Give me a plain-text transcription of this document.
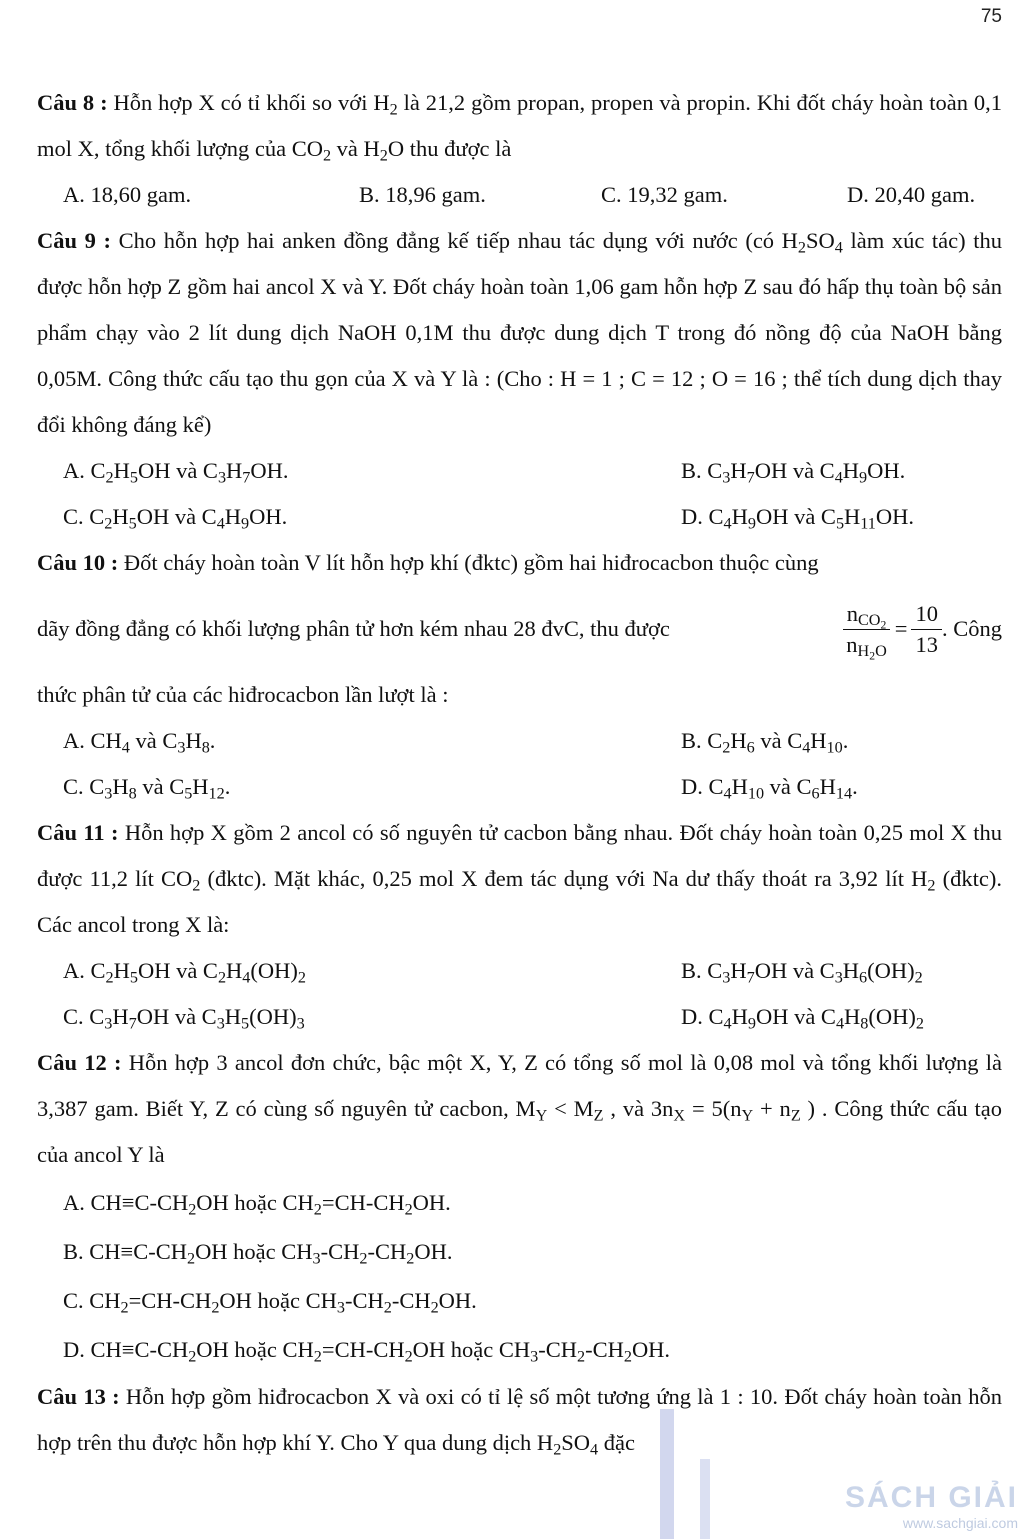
75
Câu 8 : Hỗn hợp X có tỉ khối so với $H_2$ là 21,2 gồm propan, propen và propin. Khi đốt cháy hoàn toàn 0,1 mol X, tổng khối lượng của $CO_2$ và $H_2O$ thu được là
A. 18,60 gam.	B. 18,96 gam.	C. 19,32 gam.	D. 20,40 gam.
Câu 9 : Cho hỗn hợp hai anken đồng đẳng kế tiếp nhau tác dụng với nước (có $H_2SO_4$ làm xúc tác) thu được hỗn hợp Z gồm hai ancol X và Y. Đốt cháy hoàn toàn 1,06 gam hỗn hợp Z sau đó hấp thụ toàn bộ sản phẩm chạy vào 2 lít dung dịch NaOH 0,1M thu được dung dịch T trong đó nồng độ của NaOH bằng 0,05M. Công thức cấu tạo thu gọn của X và Y là : (Cho : H = 1 ; C = 12 ; O = 16 ; thể tích dung dịch thay đổi không đáng kể)
A. $C_2H_5OH$ và $C_3H_7OH$.	B. $C_3H_7OH$ và $C_4H_9OH$.
C. $C_2H_5OH$ và $C_4H_9OH$.	D. $C_4H_9OH$ và $C_5H_{11}OH$.
Câu 10 : Đốt cháy hoàn toàn V lít hỗn hợp khí (đktc) gồm hai hiđrocacbon thuộc cùng
dãy đồng đẳng có khối lượng phân tử hơn kém nhau 28 đvC, thu được	$\frac{n_{CO_2}}{n_{H_2O}} = \frac{10}{13}$ . Công
thức phân tử của các hiđrocacbon lần lượt là :
A. $CH_4$ và $C_3H_8$.	B. $C_2H_6$ và $C_4H_{10}$.
C. $C_3H_8$ và $C_5H_{12}$.	D. $C_4H_{10}$ và $C_6H_{14}$.
Câu 11 : Hỗn hợp X gồm 2 ancol có số nguyên tử cacbon bằng nhau. Đốt cháy hoàn toàn 0,25 mol X thu được 11,2 lít $CO_2$ (đktc). Mặt khác, 0,25 mol X đem tác dụng với Na dư thấy thoát ra 3,92 lít $H_2$ (đktc). Các ancol trong X là:
A. $C_2H_5OH$ và $C_2H_4(OH)_2$	B. $C_3H_7OH$ và $C_3H_6(OH)_2$
C. $C_3H_7OH$ và $C_3H_5(OH)_3$	D. $C_4H_9OH$ và $C_4H_8(OH)_2$
Câu 12 : Hỗn hợp 3 ancol đơn chức, bậc một X, Y, Z có tổng số mol là 0,08 mol và tổng khối lượng là 3,387 gam. Biết Y, Z có cùng số nguyên tử cacbon, $M_Y < M_Z$ , và $3n_X = 5(n_Y + n_Z$ ) . Công thức cấu tạo của ancol Y là
A. $CH\equiv C-CH_2OH$ hoặc $CH_2=CH-CH_2OH$.
B. $CH\equiv C-CH_2OH$ hoặc $CH_3-CH_2-CH_2OH$.
C. $CH_2=CH-CH_2OH$ hoặc $CH_3-CH_2-CH_2OH$.
D. $CH\equiv C-CH_2OH$ hoặc $CH_2=CH-CH_2OH$ hoặc $CH_3-CH_2-CH_2OH$.
Câu 13 : Hỗn hợp gồm hiđrocacbon X và oxi có tỉ lệ số một tương ứng là 1 : 10. Đốt cháy hoàn toàn hỗn hợp trên thu được hỗn hợp khí Y. Cho Y qua dung dịch $H_2SO_4$ đặc
SÁCH GIẢI
www.sachgiai.com
